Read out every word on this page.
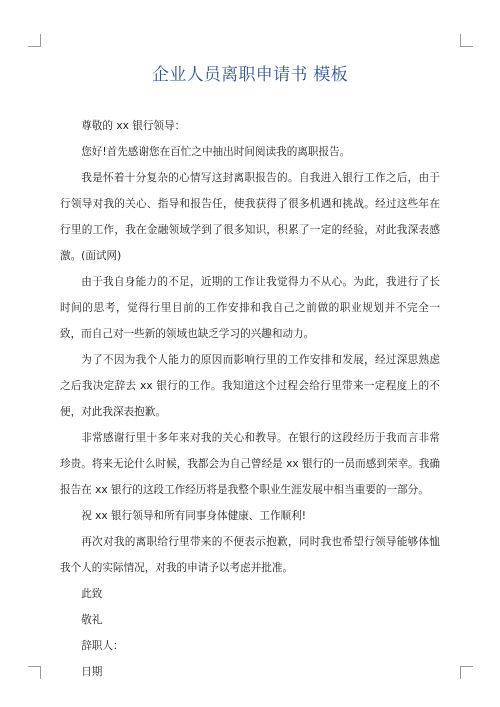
企业人员离职申请书 模板

尊敬的 xx 银行领导：

您好!首先感谢您在百忙之中抽出时间阅读我的离职报告。

我是怀着十分复杂的心情写这封离职报告的。自我进入银行工作之后，由于行领导对我的关心、指导和报告任，使我获得了很多机遇和挑战。经过这些年在行里的工作，我在金融领域学到了很多知识，积累了一定的经验，对此我深表感激。(面试网)

由于我自身能力的不足，近期的工作让我觉得力不从心。为此，我进行了长时间的思考，觉得行里目前的工作安排和我自己之前做的职业规划并不完全一致，而自己对一些新的领域也缺乏学习的兴趣和动力。

为了不因为我个人能力的原因而影响行里的工作安排和发展，经过深思熟虑之后我决定辞去 xx 银行的工作。我知道这个过程会给行里带来一定程度上的不便，对此我深表抱歉。

非常感谢行里十多年来对我的关心和教导。在银行的这段经历于我而言非常珍贵。将来无论什么时候，我都会为自己曾经是 xx 银行的一员而感到荣幸。我确报告在 xx 银行的这段工作经历将是我整个职业生涯发展中相当重要的一部分。

祝 xx 银行领导和所有同事身体健康、工作顺利!

再次对我的离职给行里带来的不便表示抱歉，同时我也希望行领导能够体恤我个人的实际情况，对我的申请予以考虑并批准。

此致

敬礼

辞职人：

日期
